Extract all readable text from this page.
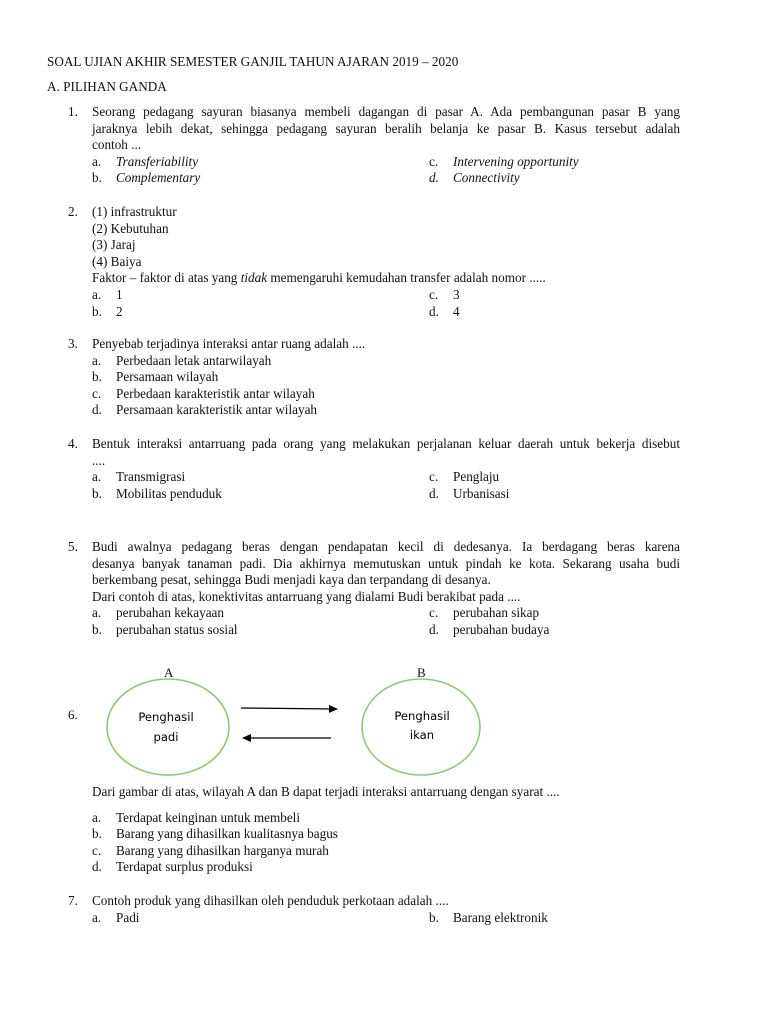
SOAL UJIAN AKHIR SEMESTER GANJIL TAHUN AJARAN 2019 – 2020
A. PILIHAN GANDA
1. Seorang pedagang sayuran biasanya membeli dagangan di pasar A. Ada pembangunan pasar B yang
jaraknya lebih dekat, sehingga pedagang sayuran beralih belanja ke pasar B. Kasus tersebut adalah
contoh ...
a. Transferiability	c. Intervening opportunity
b. Complementary	d. Connectivity
2. (1) infrastruktur
(2) Kebutuhan
(3) Jaraj
(4) Baiya
Faktor – faktor di atas yang tidak memengaruhi kemudahan transfer adalah nomor .....
a. 1	c. 3
b. 2	d. 4
3. Penyebab terjadinya interaksi antar ruang adalah ....
a. Perbedaan letak antarwilayah
b. Persamaan wilayah
c. Perbedaan karakteristik antar wilayah
d. Persamaan karakteristik antar wilayah
4. Bentuk interaksi antarruang pada orang yang melakukan perjalanan keluar daerah untuk bekerja disebut
....
a. Transmigrasi	c. Penglaju
b. Mobilitas penduduk	d. Urbanisasi
5. Budi awalnya pedagang beras dengan pendapatan kecil di dedesanya. Ia berdagang beras karena
desanya banyak tanaman padi. Dia akhirnya memutuskan untuk pindah ke kota. Sekarang usaha budi
berkembang pesat, sehingga Budi menjadi kaya dan terpandang di desanya.
Dari contoh di atas, konektivitas antarruang yang dialami Budi berakibat pada ....
a. perubahan kekayaan	c. perubahan sikap
b. perubahan status sosial	d. perubahan budaya
6.
A	B
Penghasil
padi
Penghasil
ikan
Dari gambar di atas, wilayah A dan B dapat terjadi interaksi antarruang dengan syarat ....
a. Terdapat keinginan untuk membeli
b. Barang yang dihasilkan kualitasnya bagus
c. Barang yang dihasilkan harganya murah
d. Terdapat surplus produksi
7. Contoh produk yang dihasilkan oleh penduduk perkotaan adalah ....
a. Padi	b. Barang elektronik
